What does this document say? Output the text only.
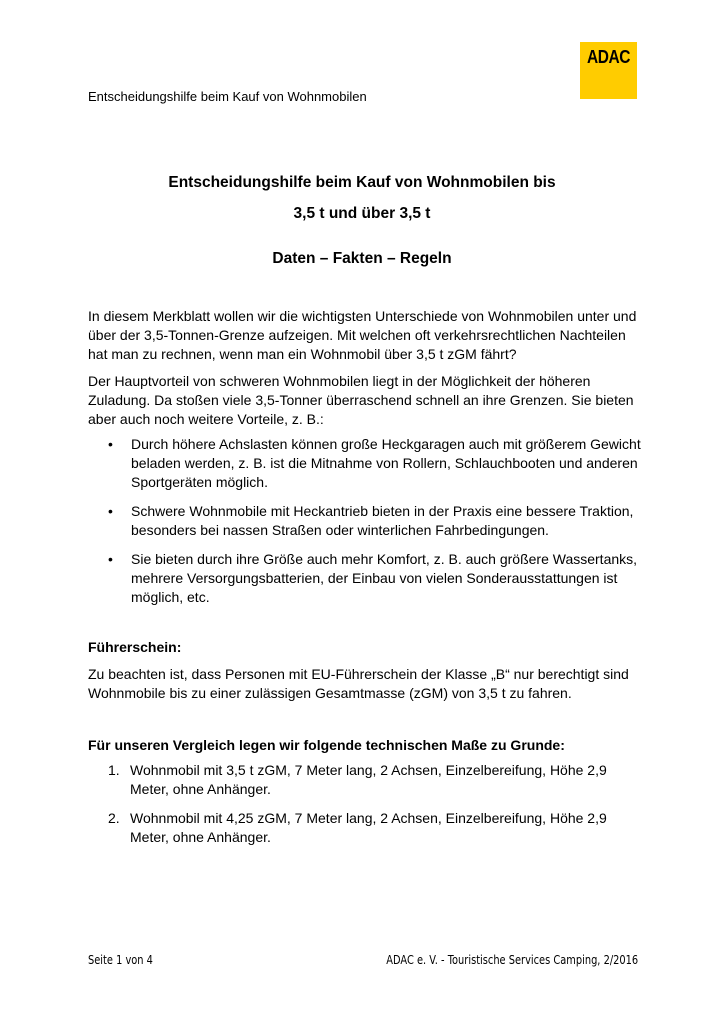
Entscheidungshilfe beim Kauf von Wohnmobilen
ADAC
Entscheidungshilfe beim Kauf von Wohnmobilen bis
3,5 t und über 3,5 t
Daten – Fakten – Regeln

In diesem Merkblatt wollen wir die wichtigsten Unterschiede von Wohnmobilen unter und über der 3,5-Tonnen-Grenze aufzeigen. Mit welchen oft verkehrsrechtlichen Nachteilen hat man zu rechnen, wenn man ein Wohnmobil über 3,5 t zGM fährt?

Der Hauptvorteil von schweren Wohnmobilen liegt in der Möglichkeit der höheren Zuladung. Da stoßen viele 3,5-Tonner überraschend schnell an ihre Grenzen. Sie bieten aber auch noch weitere Vorteile, z. B.:

• Durch höhere Achslasten können große Heckgaragen auch mit größerem Gewicht beladen werden, z. B. ist die Mitnahme von Rollern, Schlauchbooten und anderen Sportgeräten möglich.
• Schwere Wohnmobile mit Heckantrieb bieten in der Praxis eine bessere Traktion, besonders bei nassen Straßen oder winterlichen Fahrbedingungen.
• Sie bieten durch ihre Größe auch mehr Komfort, z. B. auch größere Wassertanks, mehrere Versorgungsbatterien, der Einbau von vielen Sonderausstattungen ist möglich, etc.

Führerschein:

Zu beachten ist, dass Personen mit EU-Führerschein der Klasse „B“ nur berechtigt sind Wohnmobile bis zu einer zulässigen Gesamtmasse (zGM) von 3,5 t zu fahren.

Für unseren Vergleich legen wir folgende technischen Maße zu Grunde:

1. Wohnmobil mit 3,5 t zGM, 7 Meter lang, 2 Achsen, Einzelbereifung, Höhe 2,9 Meter, ohne Anhänger.
2. Wohnmobil mit 4,25 zGM, 7 Meter lang, 2 Achsen, Einzelbereifung, Höhe 2,9 Meter, ohne Anhänger.
Seite 1 von 4	ADAC e. V. - Touristische Services Camping, 2/2016
